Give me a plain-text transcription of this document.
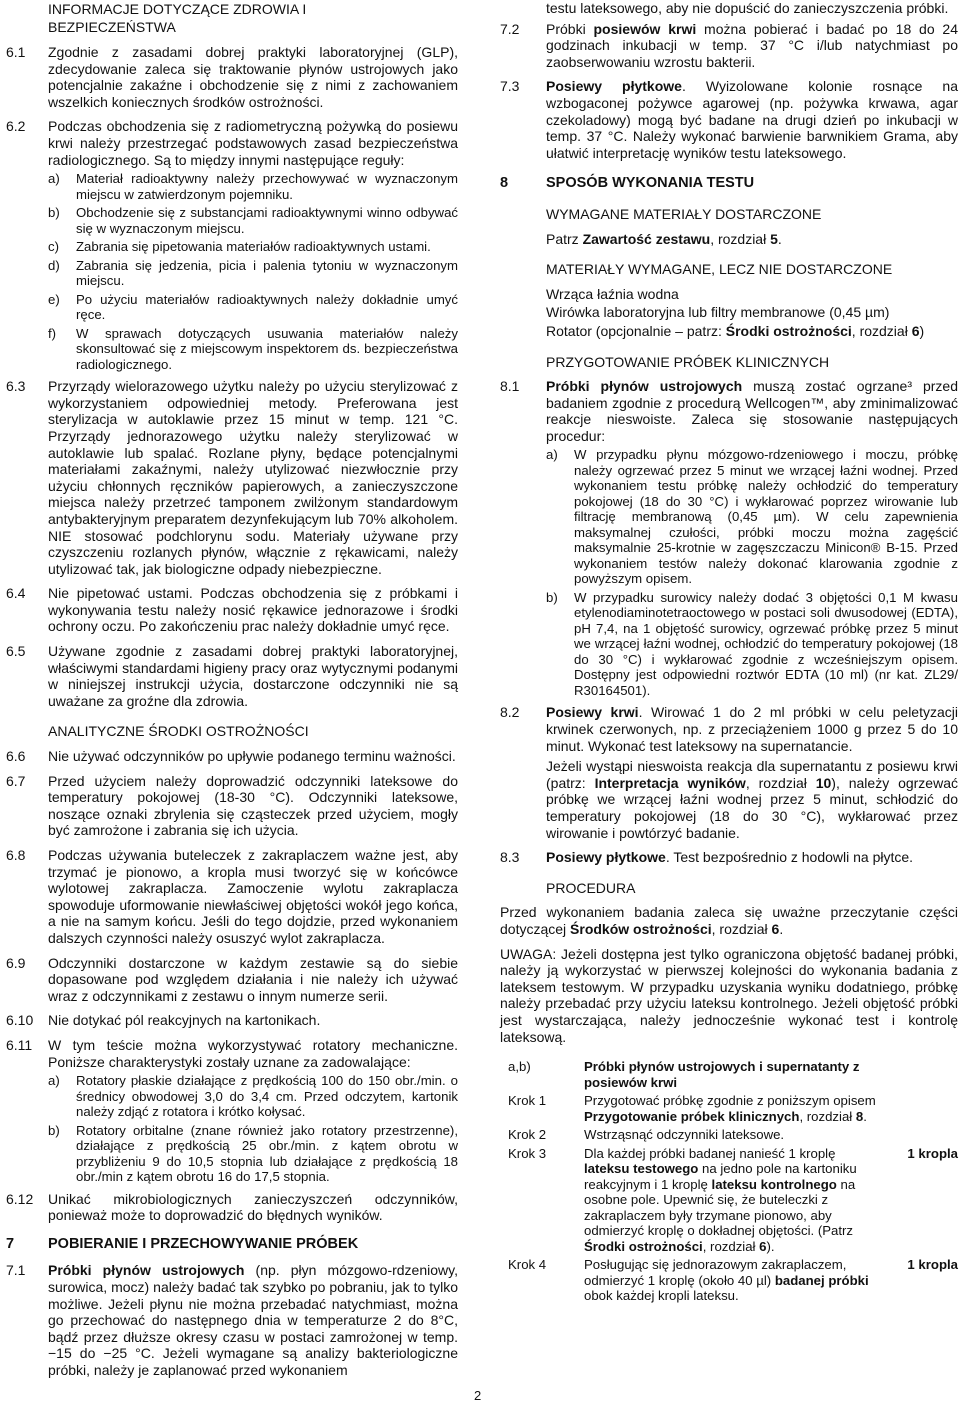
INFORMACJE DOTYCZĄCE ZDROWIA I
BEZPIECZEŃSTWA
6.1	Zgodnie z zasadami dobrej praktyki laboratoryjnej (GLP), zdecydowanie zaleca się traktowanie płynów ustrojowych jako potencjalnie zakaźne i obchodzenie się z nimi z zachowaniem wszelkich koniecznych środków ostrożności.
6.2	Podczas obchodzenia się z radiometryczną pożywką do posiewu krwi należy przestrzegać podstawowych zasad bezpieczeństwa radiologicznego. Są to między innymi następujące reguły:
a)	Materiał radioaktywny należy przechowywać w wyznaczonym miejscu w zatwierdzonym pojemniku.
b)	Obchodzenie się z substancjami radioaktywnymi winno odbywać się w wyznaczonym miejscu.
c)	Zabrania się pipetowania materiałów radioaktywnych ustami.
d)	Zabrania się jedzenia, picia i palenia tytoniu w wyznaczonym miejscu.
e)	Po użyciu materiałów radioaktywnych należy dokładnie umyć ręce.
f)	W sprawach dotyczących usuwania materiałów należy skonsultować się z miejscowym inspektorem ds. bezpieczeństwa radiologicznego.
6.3	Przyrządy wielorazowego użytku należy po użyciu sterylizować z wykorzystaniem odpowiedniej metody. Preferowana jest sterylizacja w autoklawie przez 15 minut w temp. 121 °C. Przyrządy jednorazowego użytku należy sterylizować w autoklawie lub spalać. Rozlane płyny, będące potencjalnymi materiałami zakaźnymi, należy utylizować niezwłocznie przy użyciu chłonnych ręczników papierowych, a zanieczyszczone miejsca należy przetrzeć tamponem zwilżonym standardowym antybakteryjnym preparatem dezynfekującym lub 70% alkoholem. NIE stosować podchlorynu sodu. Materiały używane przy czyszczeniu rozlanych płynów, włącznie z rękawicami, należy utylizować tak, jak biologiczne odpady niebezpieczne.
6.4	Nie pipetować ustami. Podczas obchodzenia się z próbkami i wykonywania testu należy nosić rękawice jednorazowe i środki ochrony oczu. Po zakończeniu prac należy dokładnie umyć ręce.
6.5	Używane zgodnie z zasadami dobrej praktyki laboratoryjnej, właściwymi standardami higieny pracy oraz wytycznymi podanymi w niniejszej instrukcji użycia, dostarczone odczynniki nie są uważane za groźne dla zdrowia.
ANALITYCZNE ŚRODKI OSTROŻNOŚCI
6.6	Nie używać odczynników po upływie podanego terminu ważności.
6.7	Przed użyciem należy doprowadzić odczynniki lateksowe do temperatury pokojowej (18-30 °C). Odczynniki lateksowe, noszące oznaki zbrylenia się cząsteczek przed użyciem, mogły być zamrożone i zabrania się ich użycia.
6.8	Podczas używania buteleczek z zakraplaczem ważne jest, aby trzymać je pionowo, a kropla musi tworzyć się w końcówce wylotowej zakraplacza. Zamoczenie wylotu zakraplacza spowoduje uformowanie niewłaściwej objętości wokół jego końca, a nie na samym końcu. Jeśli do tego dojdzie, przed wykonaniem dalszych czynności należy osuszyć wylot zakraplacza.
6.9	Odczynniki dostarczone w każdym zestawie są do siebie dopasowane pod względem działania i nie należy ich używać wraz z odczynnikami z zestawu o innym numerze serii.
6.10	Nie dotykać pól reakcyjnych na kartonikach.
6.11	W tym teście można wykorzystywać rotatory mechaniczne. Poniższe charakterystyki zostały uznane za zadowalające:
a)	Rotatory płaskie działające z prędkością 100 do 150 obr./min. o średnicy obwodowej 3,0 do 3,4 cm. Przed odczytem, kartonik należy zdjąć z rotatora i krótko kołysać.
b)	Rotatory orbitalne (znane również jako rotatory przestrzenne), działające z prędkością 25 obr./min. z kątem obrotu w przybliżeniu 9 do 10,5 stopnia lub działające z prędkością 18 obr./min z kątem obrotu 16 do 17,5 stopnia.
6.12	Unikać mikrobiologicznych zanieczyszczeń odczynników, ponieważ może to doprowadzić do błędnych wyników.
7	POBIERANIE I PRZECHOWYWANIE PRÓBEK
7.1	Próbki płynów ustrojowych (np. płyn mózgowo-rdzeniowy, surowica, mocz) należy badać tak szybko po pobraniu, jak to tylko możliwe. Jeżeli płynu nie można przebadać natychmiast, można go przechować do następnego dnia w temperaturze 2 do 8°C, bądź przez dłuższe okresy czasu w postaci zamrożonej w temp. −15 do −25 °C. Jeżeli wymagane są analizy bakteriologiczne próbki, należy je zaplanować przed wykonaniem
testu lateksowego, aby nie dopuścić do zanieczyszczenia próbki.
7.2	Próbki posiewów krwi można pobierać i badać po 18 do 24 godzinach inkubacji w temp. 37 °C i/lub natychmiast po zaobserwowaniu wzrostu bakterii.
7.3	Posiewy płytkowe. Wyizolowane kolonie rosnące na wzbogaconej pożywce agarowej (np. pożywka krwawa, agar czekoladowy) mogą być badane na drugi dzień po inkubacji w temp. 37 °C. Należy wykonać barwienie barwnikiem Grama, aby ułatwić interpretację wyników testu lateksowego.
8	SPOSÓB WYKONANIA TESTU
WYMAGANE MATERIAŁY DOSTARCZONE
Patrz Zawartość zestawu, rozdział 5.
MATERIAŁY WYMAGANE, LECZ NIE DOSTARCZONE
Wrząca łaźnia wodna
Wirówka laboratoryjna lub filtry membranowe (0,45 µm)
Rotator (opcjonalnie – patrz: Środki ostrożności, rozdział 6)
PRZYGOTOWANIE PRÓBEK KLINICZNYCH
8.1	Próbki płynów ustrojowych muszą zostać ogrzane³ przed badaniem zgodnie z procedurą Wellcogen™, aby zminimalizować reakcje nieswoiste. Zaleca się stosowanie następujących procedur:
a)	W przypadku płynu mózgowo-rdzeniowego i moczu, próbkę należy ogrzewać przez 5 minut we wrzącej łaźni wodnej. Przed wykonaniem testu próbkę należy ochłodzić do temperatury pokojowej (18 do 30 °C) i wykłarować poprzez wirowanie lub filtrację membranową (0,45 µm). W celu zapewnienia maksymalnej czułości, próbki moczu można zagęścić maksymalnie 25-krotnie w zagęszczaczu Minicon® B-15. Przed wykonaniem testów należy dokonać klarowania zgodnie z powyższym opisem.
b)	W przypadku surowicy należy dodać 3 objętości 0,1 M kwasu etylenodiaminotetraoctowego w postaci soli dwusodowej (EDTA), pH 7,4, na 1 objętość surowicy, ogrzewać próbkę przez 5 minut we wrzącej łaźni wodnej, ochłodzić do temperatury pokojowej (18 do 30 °C) i wykłarować zgodnie z wcześniejszym opisem. Dostępny jest odpowiedni roztwór EDTA (10 ml) (nr kat. ZL29/ R30164501).
8.2	Posiewy krwi. Wirować 1 do 2 ml próbki w celu peletyzacji krwinek czerwonych, np. z przeciążeniem 1000 g przez 5 do 10 minut. Wykonać test lateksowy na supernatancie.
Jeżeli wystąpi nieswoista reakcja dla supernatantu z posiewu krwi (patrz: Interpretacja wyników, rozdział 10), należy ogrzewać próbkę we wrzącej łaźni wodnej przez 5 minut, schłodzić do temperatury pokojowej (18 do 30 °C), wykłarować przez wirowanie i powtórzyć badanie.
8.3	Posiewy płytkowe. Test bezpośrednio z hodowli na płytce.
PROCEDURA
Przed wykonaniem badania zaleca się uważne przeczytanie części dotyczącej Środków ostrożności, rozdział 6.
UWAGA: Jeżeli dostępna jest tylko ograniczona objętość badanej próbki, należy ją wykorzystać w pierwszej kolejności do wykonania badania z lateksem testowym. W przypadku uzyskania wyniku dodatniego, próbkę należy przebadać przy użyciu lateksu kontrolnego. Jeżeli objętość próbki jest wystarczająca, należy jednocześnie wykonać test i kontrolę lateksową.
a,b)	Próbki płynów ustrojowych i supernatanty z posiewów krwi
Krok 1	Przygotować próbkę zgodnie z poniższym opisem Przygotowanie próbek klinicznych, rozdział 8.
Krok 2	Wstrząsnąć odczynniki lateksowe.
Krok 3	Dla każdej próbki badanej nanieść 1 kroplę lateksu testowego na jedno pole na kartoniku reakcyjnym i 1 kroplę lateksu kontrolnego na osobne pole. Upewnić się, że buteleczki z zakraplaczem były trzymane pionowo, aby odmierzyć kroplę o dokładnej objętości. (Patrz Środki ostrożności, rozdział 6).
1 kropla
Krok 4	Posługując się jednorazowym zakraplaczem, odmierzyć 1 kroplę (około 40 µl) badanej próbki obok każdej kropli lateksu.
1 kropla
2
